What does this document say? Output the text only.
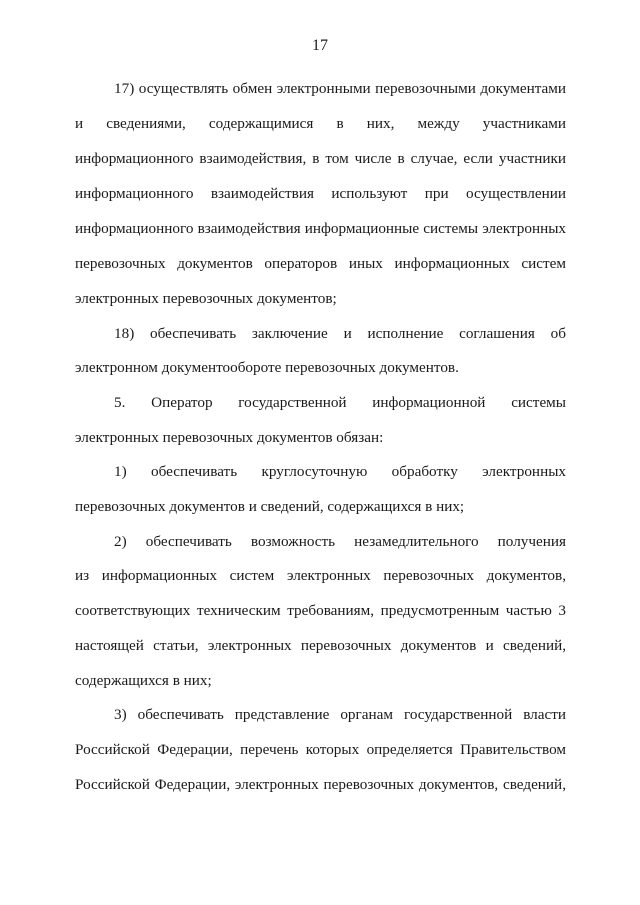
17
17) осуществлять обмен электронными перевозочными документами
и сведениями, содержащимися в них, между участниками
информационного взаимодействия, в том числе в случае, если участники
информационного взаимодействия используют при осуществлении
информационного взаимодействия информационные системы электронных
перевозочных документов операторов иных информационных систем
электронных перевозочных документов;
18) обеспечивать заключение и исполнение соглашения об
электронном документообороте перевозочных документов.
5. Оператор государственной информационной системы
электронных перевозочных документов обязан:
1) обеспечивать круглосуточную обработку электронных
перевозочных документов и сведений, содержащихся в них;
2) обеспечивать возможность незамедлительного получения
из информационных систем электронных перевозочных документов,
соответствующих техническим требованиям, предусмотренным частью 3
настоящей статьи, электронных перевозочных документов и сведений,
содержащихся в них;
3) обеспечивать представление органам государственной власти
Российской Федерации, перечень которых определяется Правительством
Российской Федерации, электронных перевозочных документов, сведений,
